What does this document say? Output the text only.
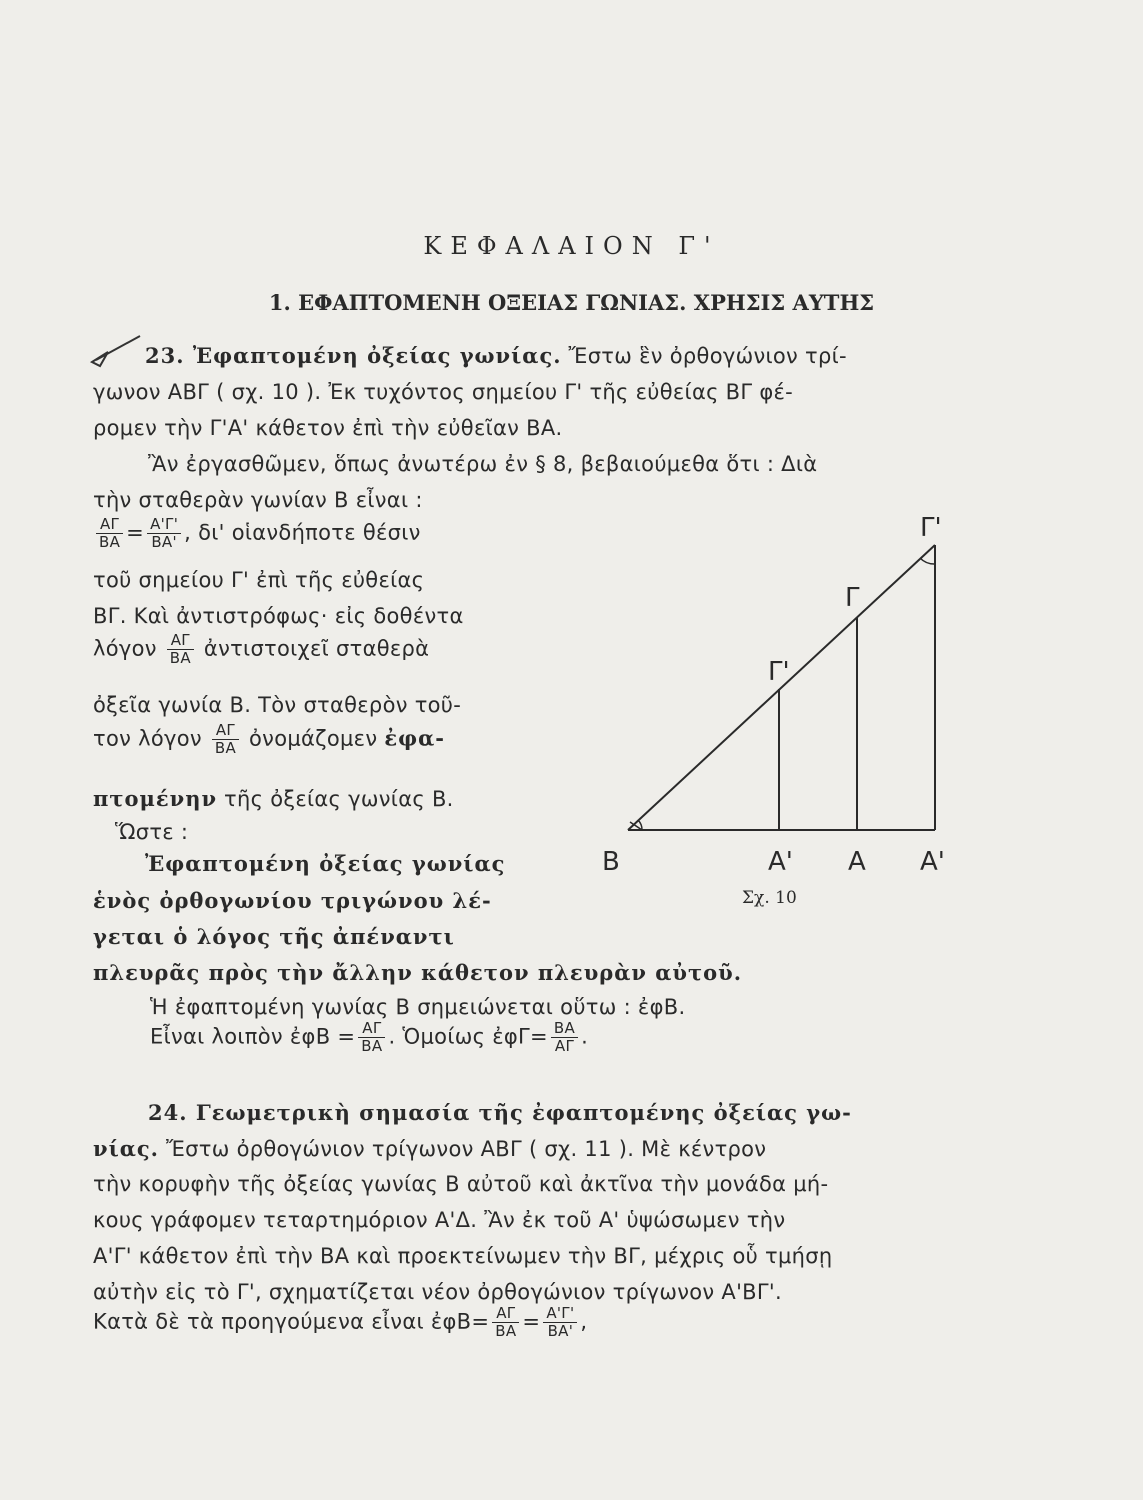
ΚΕΦΑΛΑΙΟΝ Γ'
1. ΕΦΑΠΤΟΜΕΝΗ ΟΞΕΙΑΣ ΓΩΝΙΑΣ. ΧΡΗΣΙΣ ΑΥΤΗΣ
23. Ἐφαπτομένη ὀξείας γωνίας. Ἔστω ἓν ὀρθογώνιον τρί-
γωνον ΑΒΓ ( σχ. 10 ). Ἐκ τυχόντος σημείου Γ' τῆς εὐθείας ΒΓ φέ-
ρομεν τὴν Γ'Α' κάθετον ἐπὶ τὴν εὐθεῖαν ΒΑ.
Ἂν ἐργασθῶμεν, ὅπως ἀνωτέρω ἐν § 8, βεβαιούμεθα ὅτι : Διὰ
τὴν σταθερὰν γωνίαν Β εἶναι :
$\frac{A\Gamma}{BA} = \frac{A'\Gamma'}{BA'}$ , δι' οἱανδήποτε θέσιν
τοῦ σημείου Γ' ἐπὶ τῆς εὐθείας
ΒΓ. Καὶ ἀντιστρόφως· εἰς δοθέντα
λόγον $\frac{A\Gamma}{BA}$ ἀντιστοιχεῖ σταθερὰ
ὀξεῖα γωνία Β. Τὸν σταθερὸν τοῦ-
τον λόγον $\frac{A\Gamma}{BA}$ ὀνομάζομεν ἐφα-
πτομένην τῆς ὀξείας γωνίας Β.
Ὥστε :
Ἐφαπτομένη ὀξείας γωνίας
ἑνὸς ὀρθογωνίου τριγώνου λέ-
γεται ὁ λόγος τῆς ἀπέναντι
πλευρᾶς πρὸς τὴν ἄλλην κάθετον πλευρὰν αὐτοῦ.
Ἡ ἐφαπτομένη γωνίας Β σημειώνεται οὕτω : ἐφΒ.
Εἶναι λοιπὸν ἐφΒ = $\frac{A\Gamma}{BA}$ . Ὁμοίως ἐφΓ= $\frac{BA}{A\Gamma}$ .
24. Γεωμετρικὴ σημασία τῆς ἐφαπτομένης ὀξείας γω-
νίας. Ἔστω ὀρθογώνιον τρίγωνον ΑΒΓ ( σχ. 11 ). Μὲ κέντρον
τὴν κορυφὴν τῆς ὀξείας γωνίας Β αὐτοῦ καὶ ἀκτῖνα τὴν μονάδα μή-
κους γράφομεν τεταρτημόριον Α'Δ. Ἂν ἐκ τοῦ Α' ὑψώσωμεν τὴν
Α'Γ' κάθετον ἐπὶ τὴν ΒΑ καὶ προεκτείνωμεν τὴν ΒΓ, μέχρις οὗ τμήσῃ
αὐτὴν εἰς τὸ Γ', σχηματίζεται νέον ὀρθογώνιον τρίγωνον Α'ΒΓ'.
Κατὰ δὲ τὰ προηγούμενα εἶναι ἐφΒ= $\frac{A\Gamma}{BA} = \frac{A'\Gamma'}{BA'}$ ,
Β	Α' Α Α'
Γ'
Γ
Γ'
Σχ. 10
